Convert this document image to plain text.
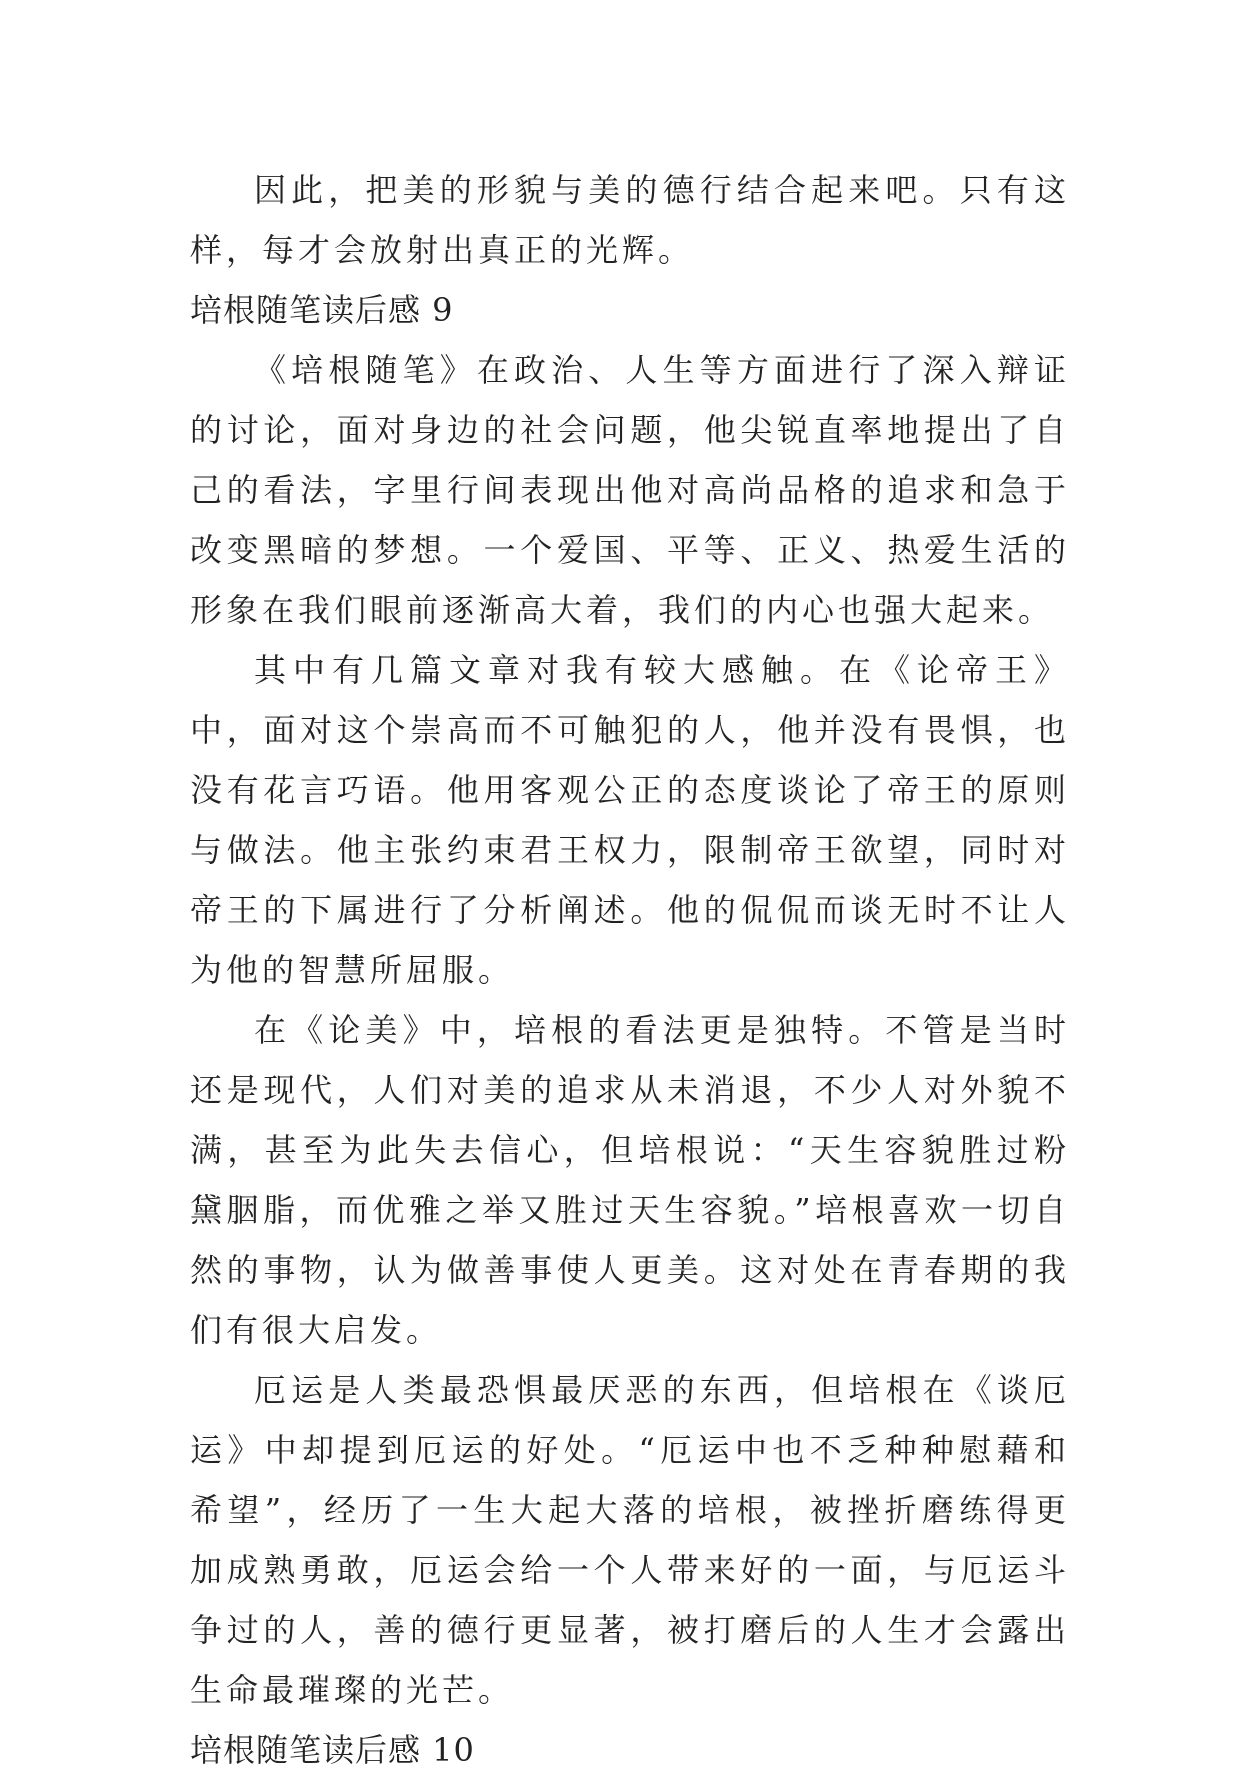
因此，把美的形貌与美的德行结合起来吧。只有这样，每才会放射出真正的光辉。

培根随笔读后感 9

《培根随笔》在政治、人生等方面进行了深入辩证的讨论，面对身边的社会问题，他尖锐直率地提出了自己的看法，字里行间表现出他对高尚品格的追求和急于改变黑暗的梦想。一个爱国、平等、正义、热爱生活的形象在我们眼前逐渐高大着，我们的内心也强大起来。

其中有几篇文章对我有较大感触。在《论帝王》中，面对这个崇高而不可触犯的人，他并没有畏惧，也没有花言巧语。他用客观公正的态度谈论了帝王的原则与做法。他主张约束君王权力，限制帝王欲望，同时对帝王的下属进行了分析阐述。他的侃侃而谈无时不让人为他的智慧所屈服。

在《论美》中，培根的看法更是独特。不管是当时还是现代，人们对美的追求从未消退，不少人对外貌不满，甚至为此失去信心，但培根说：“天生容貌胜过粉黛胭脂，而优雅之举又胜过天生容貌。”培根喜欢一切自然的事物，认为做善事使人更美。这对处在青春期的我们有很大启发。

厄运是人类最恐惧最厌恶的东西，但培根在《谈厄运》中却提到厄运的好处。“厄运中也不乏种种慰藉和希望”，经历了一生大起大落的培根，被挫折磨练得更加成熟勇敢，厄运会给一个人带来好的一面，与厄运斗争过的人，善的德行更显著，被打磨后的人生才会露出生命最璀璨的光芒。

培根随笔读后感 10
